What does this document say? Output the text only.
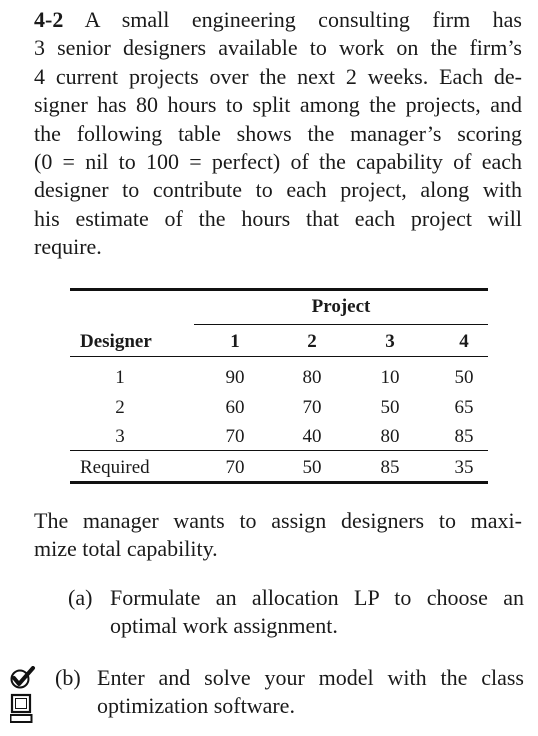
4-2 A small engineering consulting firm has
3 senior designers available to work on the firm’s
4 current projects over the next 2 weeks. Each de-
signer has 80 hours to split among the projects, and
the following table shows the manager’s scoring
(0 = nil to 100 = perfect) of the capability of each
designer to contribute to each project, along with
his estimate of the hours that each project will
require.
Project
Designer	1	2	3	4
1	90	80	10	50
2	60	70	50	65
3	70	40	80	85
Required	70	50	85	35
The manager wants to assign designers to maxi-
mize total capability.
(a) Formulate an allocation LP to choose an
optimal work assignment.
(b) Enter and solve your model with the class
optimization software.
